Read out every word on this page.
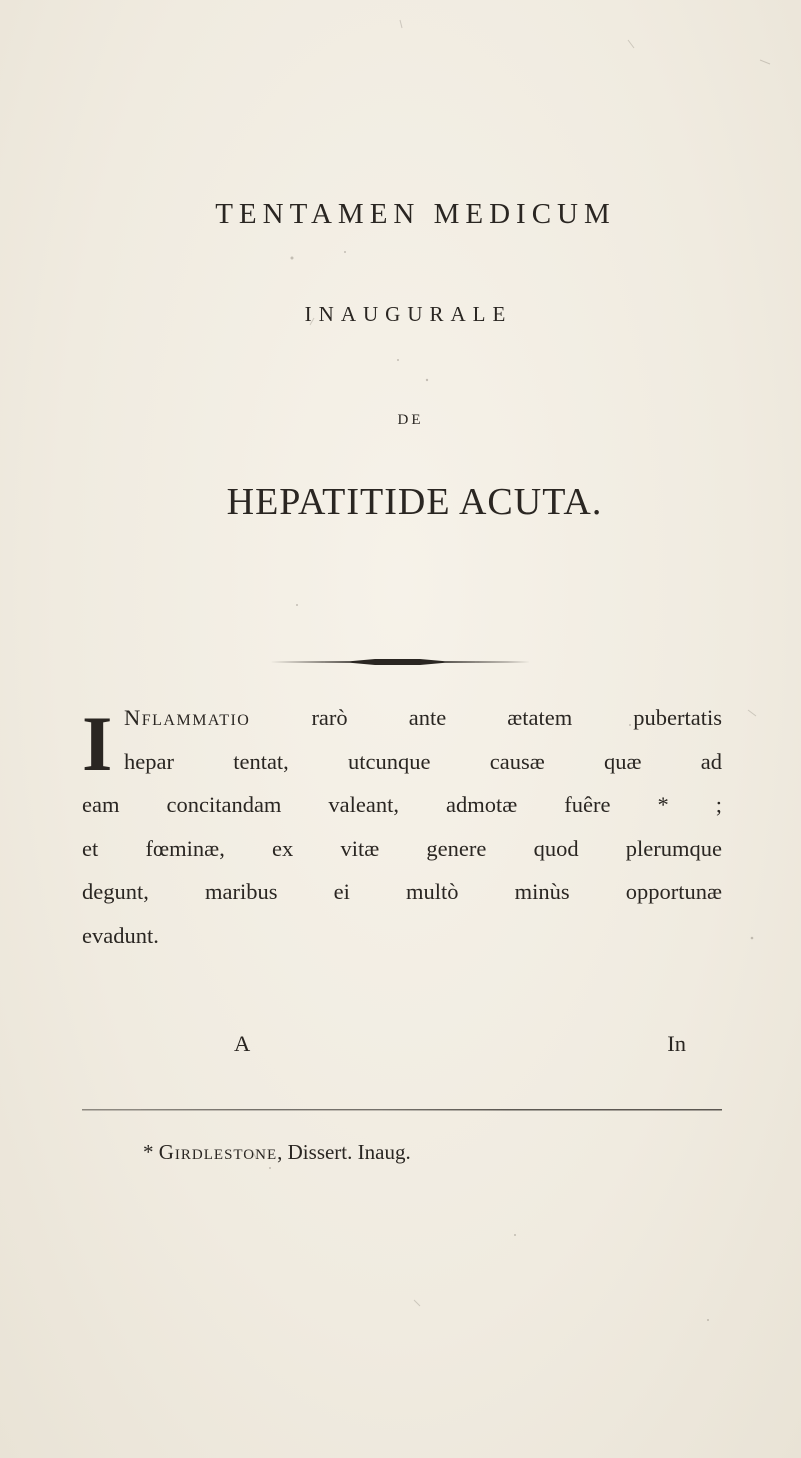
TENTAMEN MEDICUM
INAUGURALE
DE
HEPATITIDE ACUTA.
I Nflammatio	rarò ante ætatem pubertatis
hepar tentat, utcunque causæ quæ ad
eam concitandam valeant, admotæ fuêre * ;
et fœminæ, ex vitæ genere quod plerumque
degunt, maribus ei multò minùs opportunæ
evadunt.
A	In
* Girdlestone, Dissert. Inaug.
